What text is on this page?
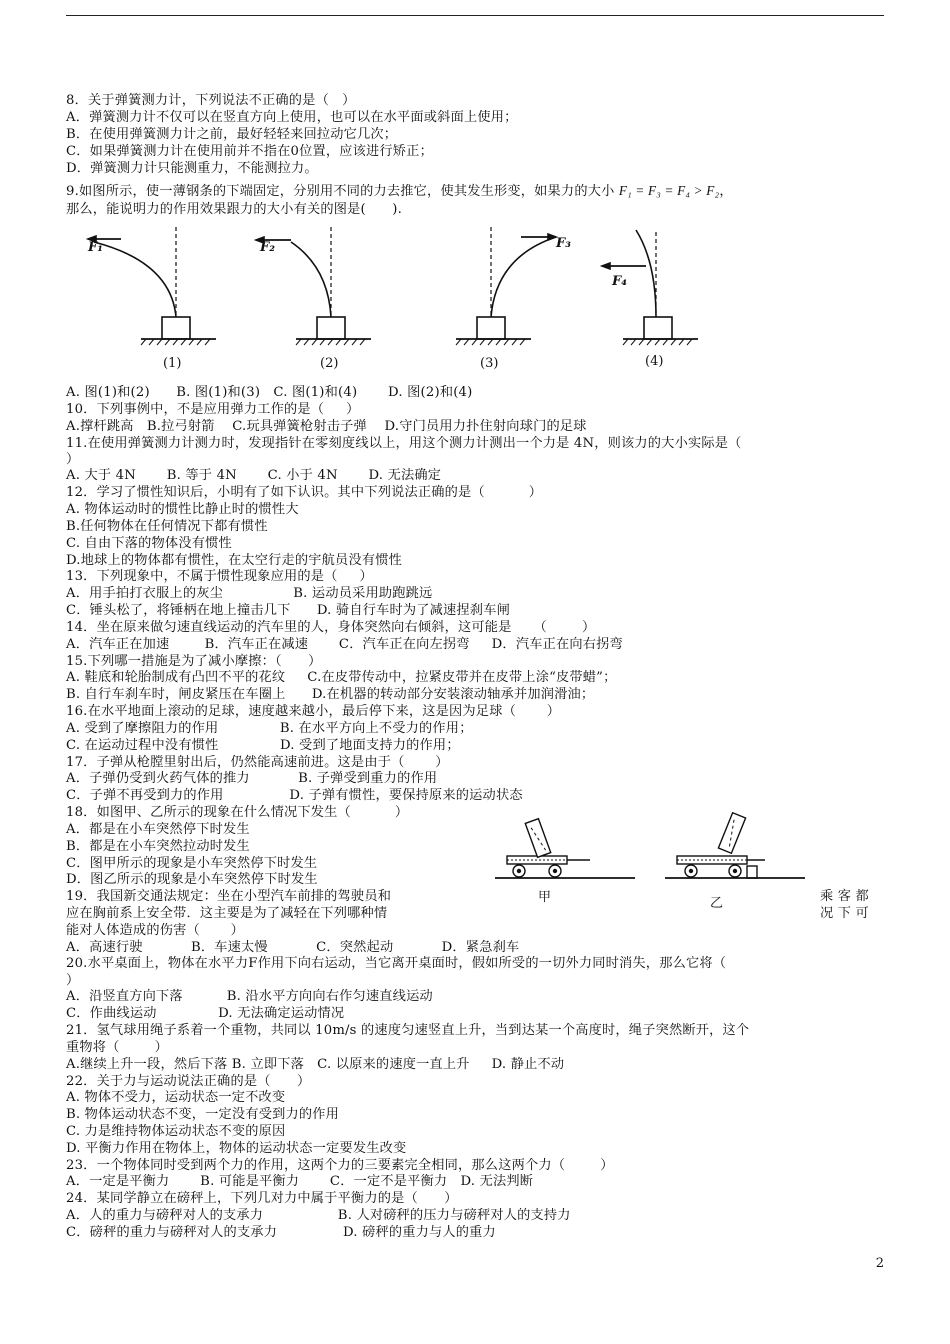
8．关于弹簧测力计，下列说法不正确的是（   ）
A．弹簧测力计不仅可以在竖直方向上使用，也可以在水平面或斜面上使用；
B．在使用弹簧测力计之前，最好轻轻来回拉动它几次；
C．如果弹簧测力计在使用前并不指在0位置，应该进行矫正；
D．弹簧测力计只能测重力，不能测拉力。
9.如图所示，使一薄钢条的下端固定，分别用不同的力去推它，使其发生形变，如果力的大小 F₁ = F₃ = F₄ > F₂，
那么，能说明力的作用效果跟力的大小有关的图是(      ).
F₁	F₂	F₃
F₄
(1)	(2)	(3)	(4)
A. 图(1)和(2)      B. 图(1)和(3)   C. 图(1)和(4)       D. 图(2)和(4)
10．下列事例中，不是应用弹力工作的是（     ）
A.撑杆跳高   B.拉弓射箭    C.玩具弹簧枪射击子弹    D.守门员用力扑住射向球门的足球
11.在使用弹簧测力计测力时，发现指针在零刻度线以上，用这个测力计测出一个力是 4N，则该力的大小实际是（
）
A. 大于 4N       B. 等于 4N       C. 小于 4N       D. 无法确定
12．学习了惯性知识后，小明有了如下认识。其中下列说法正确的是（          ）
A. 物体运动时的惯性比静止时的惯性大
B.任何物体在任何情况下都有惯性
C. 自由下落的物体没有惯性
D.地球上的物体都有惯性，在太空行走的宇航员没有惯性
13．下列现象中，不属于惯性现象应用的是（     ）
A．用手拍打衣服上的灰尘                B. 运动员采用助跑跳远
C．锤头松了，将锤柄在地上撞击几下      D. 骑自行车时为了减速捏刹车闸
14．坐在原来做匀速直线运动的汽车里的人，身体突然向右倾斜，这可能是     （        ）
A．汽车正在加速        B．汽车正在减速       C．汽车正在向左拐弯     D．汽车正在向右拐弯
15.下列哪一措施是为了减小摩擦：（      ）
A. 鞋底和轮胎制成有凸凹不平的花纹     C.在皮带传动中，拉紧皮带并在皮带上涂“皮带蜡”；
B. 自行车刹车时，闸皮紧压在车圈上      D.在机器的转动部分安装滚动轴承并加润滑油；
16.在水平地面上滚动的足球，速度越来越小，最后停下来，这是因为足球（       ）
A. 受到了摩擦阻力的作用              B. 在水平方向上不受力的作用；
C. 在运动过程中没有惯性              D. 受到了地面支持力的作用；
17．子弹从枪膛里射出后，仍然能高速前进。这是由于（       ）
A．子弹仍受到火药气体的推力           B. 子弹受到重力的作用
C．子弹不再受到力的作用               D. 子弹有惯性，要保持原来的运动状态
18．如图甲、乙所示的现象在什么情况下发生（          ）
A．都是在小车突然停下时发生
B．都是在小车突然拉动时发生
C．图甲所示的现象是小车突然停下时发生
D．图乙所示的现象是小车突然停下时发生
甲	乙
19．我国新交通法规定：坐在小型汽车前排的驾驶员和	乘 客 都
应在胸前系上安全带．这主要是为了减轻在下列哪种情	况 下 可
能对人体造成的伤害（       ）
A．高速行驶           B．车速太慢           C．突然起动           D．紧急刹车
20.水平桌面上，物体在水平力F作用下向右运动，当它离开桌面时，假如所受的一切外力同时消失，那么它将（
）
A．沿竖直方向下落          B. 沿水平方向向右作匀速直线运动
C．作曲线运动              D. 无法确定运动情况
21．氢气球用绳子系着一个重物，共同以 10m/s 的速度匀速竖直上升，当到达某一个高度时，绳子突然断开，这个
重物将（        ）
A.继续上升一段，然后下落 B. 立即下落   C. 以原来的速度一直上升     D. 静止不动
22．关于力与运动说法正确的是（      ）
A. 物体不受力，运动状态一定不改变
B. 物体运动状态不变，一定没有受到力的作用
C. 力是维持物体运动状态不变的原因
D. 平衡力作用在物体上，物体的运动状态一定要发生改变
23．一个物体同时受到两个力的作用，这两个力的三要素完全相同，那么这两个力（        ）
A．一定是平衡力       B. 可能是平衡力       C．一定不是平衡力   D. 无法判断
24．某同学静立在磅秤上，下列几对力中属于平衡力的是（      ）
A．人的重力与磅秤对人的支承力                 B. 人对磅秤的压力与磅秤对人的支持力
C．磅秤的重力与磅秤对人的支承力               D. 磅秤的重力与人的重力
2
